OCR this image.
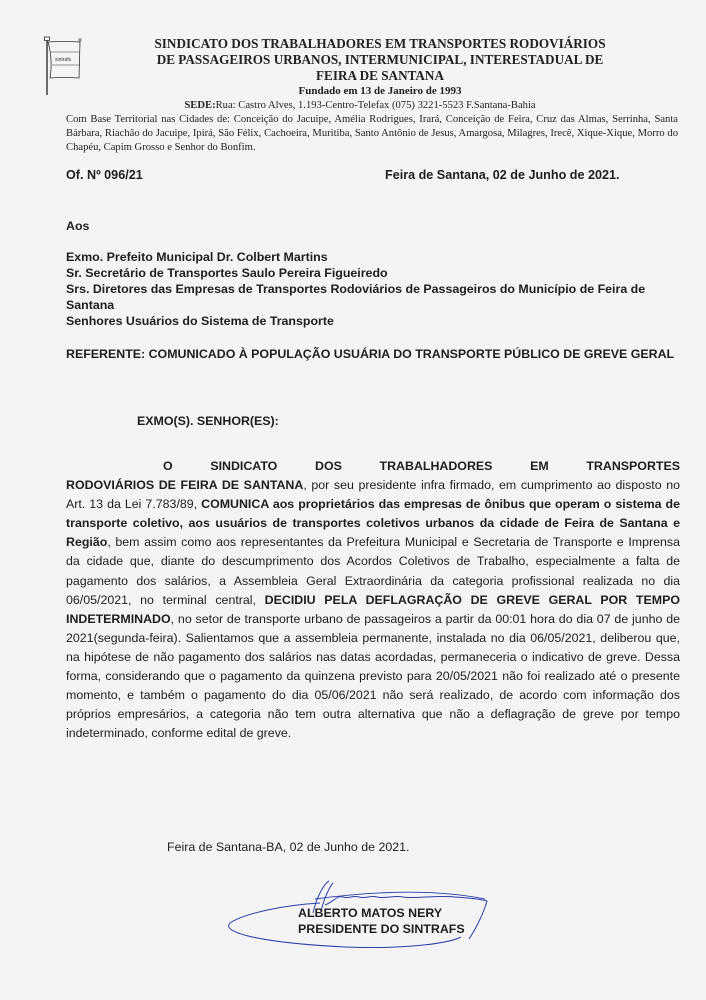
sintrafs
SINDICATO DOS TRABALHADORES EM TRANSPORTES RODOVIÁRIOS
DE PASSAGEIROS URBANOS, INTERMUNICIPAL, INTERESTADUAL DE
FEIRA DE SANTANA
Fundado em 13 de Janeiro de 1993
SEDE:Rua: Castro Alves, 1.193-Centro-Telefax (075) 3221-5523 F.Santana-Bahia
Com Base Territorial nas Cidades de: Conceição do Jacuipe, Amélia Rodrigues, Irará, Conceição de Feira, Cruz das Almas, Serrinha, Santa Bárbara, Riachão do Jacuipe, Ipirá, São Félix, Cachoeira, Muritiba, Santo Antônio de Jesus, Amargosa, Milagres, Irecê, Xique-Xique, Morro do Chapéu, Capim Grosso e Senhor do Bonfim.
Of. Nº 096/21	Feira de Santana, 02 de Junho de 2021.
Aos
Exmo. Prefeito Municipal Dr. Colbert Martins
Sr. Secretário de Transportes Saulo Pereira Figueiredo
Srs. Diretores das Empresas de Transportes Rodoviários de Passageiros do Município de Feira de Santana
Senhores Usuários do Sistema de Transporte
REFERENTE: COMUNICADO À POPULAÇÃO USUÁRIA DO TRANSPORTE PÚBLICO DE GREVE GERAL
EXMO(S). SENHOR(ES):
O	SINDICATO	DOS	TRABALHADORES	EM	TRANSPORTES
RODOVIÁRIOS DE FEIRA DE SANTANA, por seu presidente infra firmado, em cumprimento ao disposto no Art. 13 da Lei 7.783/89, COMUNICA aos proprietários das empresas de ônibus que operam o sistema de transporte coletivo, aos usuários de transportes coletivos urbanos da cidade de Feira de Santana e Região, bem assim como aos representantes da Prefeitura Municipal e Secretaria de Transporte e Imprensa da cidade que, diante do descumprimento dos Acordos Coletivos de Trabalho, especialmente a falta de pagamento dos salários, a Assembleia Geral Extraordinária da categoria profissional realizada no dia 06/05/2021, no terminal central, DECIDIU PELA DEFLAGRAÇÃO DE GREVE GERAL POR TEMPO INDETERMINADO, no setor de transporte urbano de passageiros a partir da 00:01 hora do dia 07 de junho de 2021(segunda-feira). Salientamos que a assembleia permanente, instalada no dia 06/05/2021, deliberou que, na hipótese de não pagamento dos salários nas datas acordadas, permaneceria o indicativo de greve. Dessa forma, considerando que o pagamento da quinzena previsto para 20/05/2021 não foi realizado até o presente momento, e também o pagamento do dia 05/06/2021 não será realizado, de acordo com informação dos próprios empresários, a categoria não tem outra alternativa que não a deflagração de greve por tempo indeterminado, conforme edital de greve.
Feira de Santana-BA, 02 de Junho de 2021.
ALBERTO MATOS NERY
PRESIDENTE DO SINTRAFS
